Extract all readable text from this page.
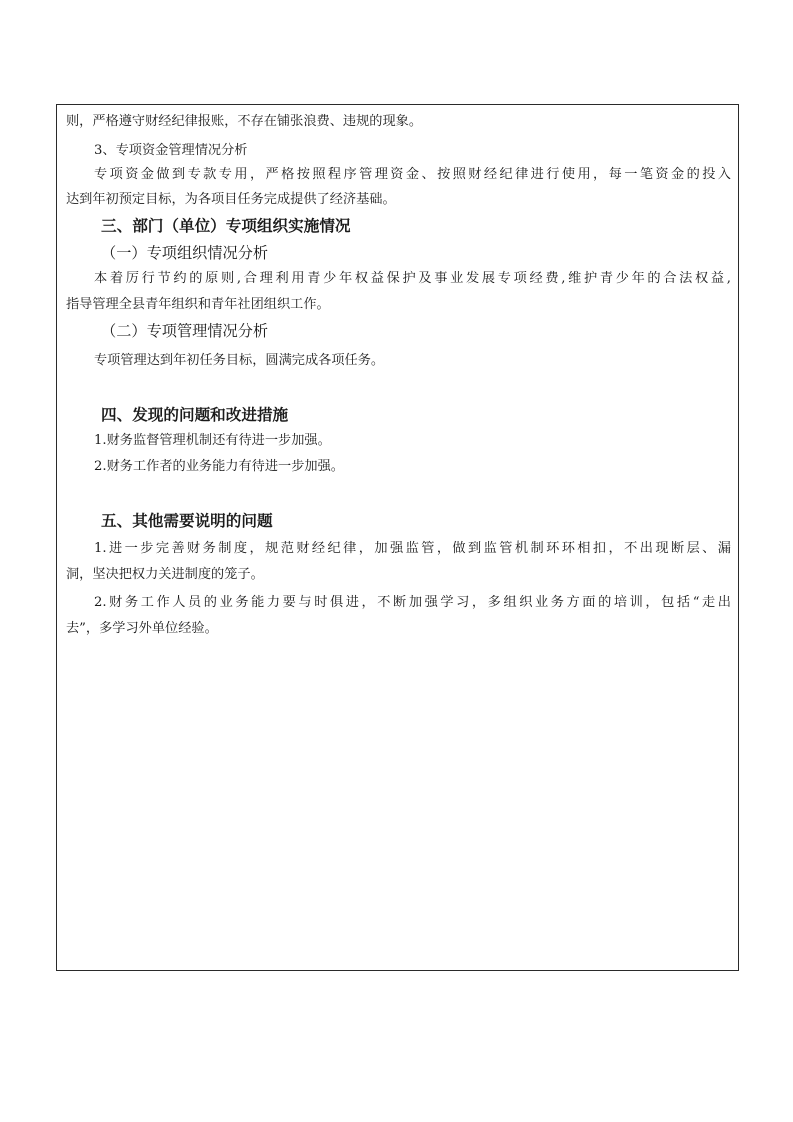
则，严格遵守财经纪律报账，不存在铺张浪费、违规的现象。
3、专项资金管理情况分析
专项资金做到专款专用，严格按照程序管理资金、按照财经纪律进行使用，每一笔资金的投入
达到年初预定目标，为各项目任务完成提供了经济基础。
三、部门（单位）专项组织实施情况
（一）专项组织情况分析
本着厉行节约的原则,合理利用青少年权益保护及事业发展专项经费,维护青少年的合法权益,
指导管理全县青年组织和青年社团组织工作。
（二）专项管理情况分析
专项管理达到年初任务目标，圆满完成各项任务。
四、发现的问题和改进措施
1.财务监督管理机制还有待进一步加强。
2.财务工作者的业务能力有待进一步加强。
五、其他需要说明的问题
1.进一步完善财务制度，规范财经纪律，加强监管，做到监管机制环环相扣，不出现断层、漏
洞，坚决把权力关进制度的笼子。
2.财务工作人员的业务能力要与时俱进，不断加强学习，多组织业务方面的培训，包括“走出
去”，多学习外单位经验。
